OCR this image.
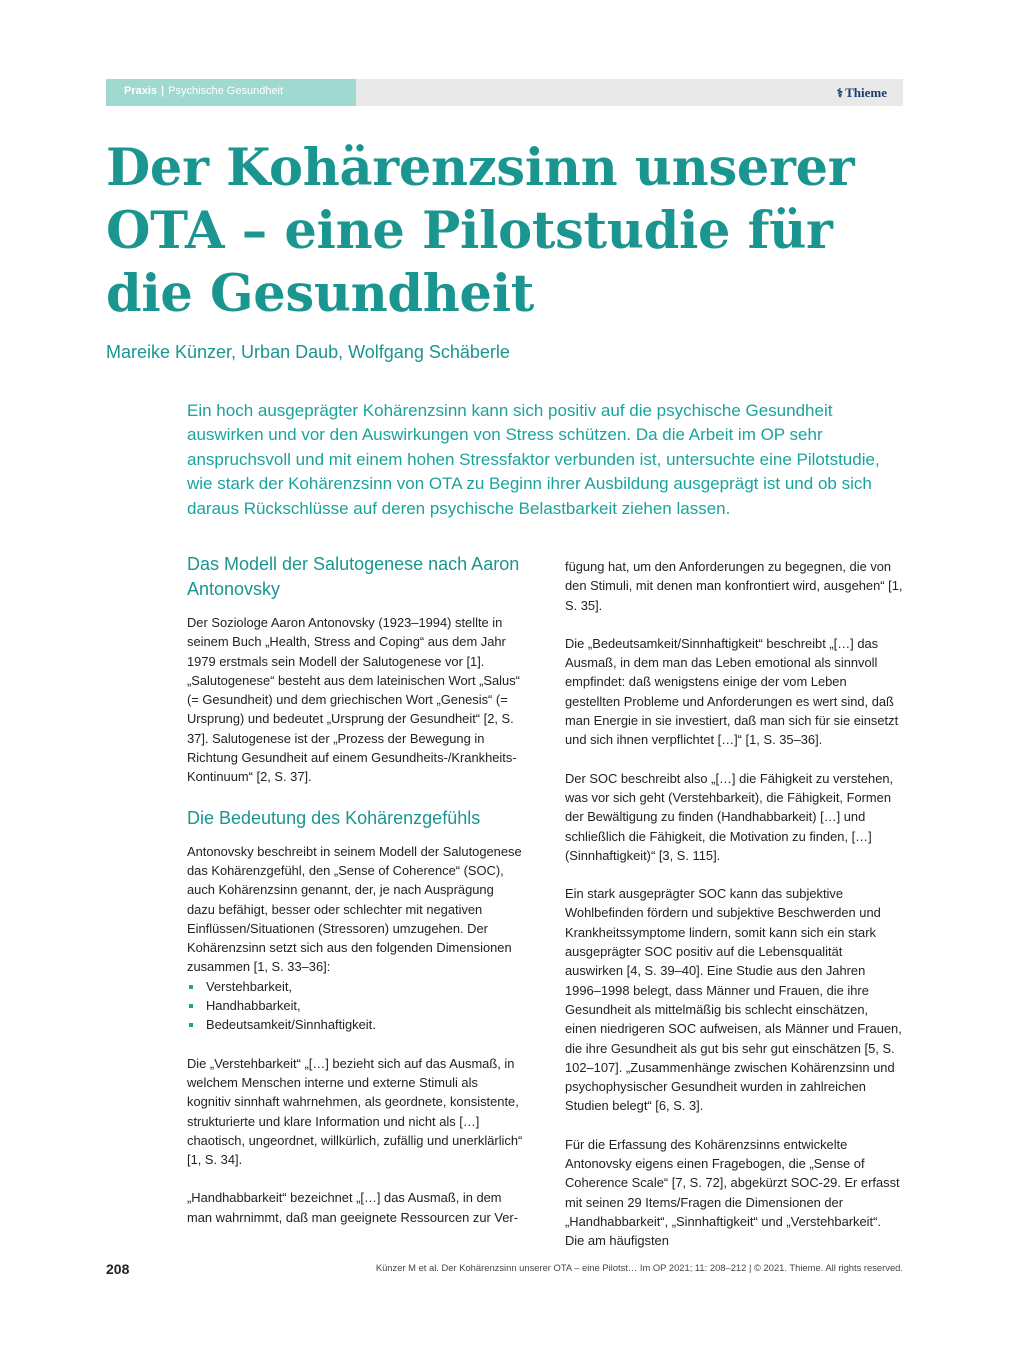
Praxis | Psychische Gesundheit	⚕ Thieme
Der Kohärenzsinn unserer OTA – eine Pilotstudie für die Gesundheit

Mareike Künzer, Urban Daub, Wolfgang Schäberle

Ein hoch ausgeprägter Kohärenzsinn kann sich positiv auf die psychische Gesundheit auswirken und vor den Auswirkungen von Stress schützen. Da die Arbeit im OP sehr anspruchsvoll und mit einem hohen Stressfaktor verbunden ist, untersuchte eine Pilotstudie, wie stark der Kohärenzsinn von OTA zu Beginn ihrer Ausbildung ausgeprägt ist und ob sich daraus Rückschlüsse auf deren psychische Belastbarkeit ziehen lassen.

Das Modell der Salutogenese nach Aaron Antonovsky

Der Soziologe Aaron Antonovsky (1923–1994) stellte in seinem Buch „Health, Stress and Coping“ aus dem Jahr 1979 erstmals sein Modell der Salutogenese vor [1]. „Salutogenese“ besteht aus dem lateinischen Wort „Salus“ (= Gesundheit) und dem griechischen Wort „Genesis“ (= Ursprung) und bedeutet „Ursprung der Gesundheit“ [2, S. 37]. Salutogenese ist der „Prozess der Bewegung in Richtung Gesundheit auf einem Gesundheits-/Krankheits-Kontinuum“ [2, S. 37].

Die Bedeutung des Kohärenzgefühls

Antonovsky beschreibt in seinem Modell der Salutogenese das Kohärenzgefühl, den „Sense of Coherence“ (SOC), auch Kohärenzsinn genannt, der, je nach Ausprägung dazu befähigt, besser oder schlechter mit negativen Einflüssen/Situationen (Stressoren) umzugehen. Der Kohärenzsinn setzt sich aus den folgenden Dimensionen zusammen [1, S. 33–36]:

Verstehbarkeit,
Handhabbarkeit,
Bedeutsamkeit/Sinnhaftigkeit.

Die „Verstehbarkeit“ „[…] bezieht sich auf das Ausmaß, in welchem Menschen interne und externe Stimuli als kognitiv sinnhaft wahrnehmen, als geordnete, konsistente, strukturierte und klare Information und nicht als […] chaotisch, ungeordnet, willkürlich, zufällig und unerklärlich“ [1, S. 34].

„Handhabbarkeit“ bezeichnet „[…] das Ausmaß, in dem man wahrnimmt, daß man geeignete Ressourcen zur Ver-

fügung hat, um den Anforderungen zu begegnen, die von den Stimuli, mit denen man konfrontiert wird, ausgehen“ [1, S. 35].

Die „Bedeutsamkeit/Sinnhaftigkeit“ beschreibt „[…] das Ausmaß, in dem man das Leben emotional als sinnvoll empfindet: daß wenigstens einige der vom Leben gestellten Probleme und Anforderungen es wert sind, daß man Energie in sie investiert, daß man sich für sie einsetzt und sich ihnen verpflichtet […]“ [1, S. 35–36].

Der SOC beschreibt also „[…] die Fähigkeit zu verstehen, was vor sich geht (Verstehbarkeit), die Fähigkeit, Formen der Bewältigung zu finden (Handhabbarkeit) […] und schließlich die Fähigkeit, die Motivation zu finden, […] (Sinnhaftigkeit)“ [3, S. 115].

Ein stark ausgeprägter SOC kann das subjektive Wohlbefinden fördern und subjektive Beschwerden und Krankheitssymptome lindern, somit kann sich ein stark ausgeprägter SOC positiv auf die Lebensqualität auswirken [4, S. 39–40]. Eine Studie aus den Jahren 1996–1998 belegt, dass Männer und Frauen, die ihre Gesundheit als mittelmäßig bis schlecht einschätzen, einen niedrigeren SOC aufweisen, als Männer und Frauen, die ihre Gesundheit als gut bis sehr gut einschätzen [5, S. 102–107]. „Zusammenhänge zwischen Kohärenzsinn und psychophysischer Gesundheit wurden in zahlreichen Studien belegt“ [6, S. 3].

Für die Erfassung des Kohärenzsinns entwickelte Antonovsky eigens einen Fragebogen, die „Sense of Coherence Scale“ [7, S. 72], abgekürzt SOC-29. Er erfasst mit seinen 29 Items/Fragen die Dimensionen der „Handhabbarkeit“, „Sinnhaftigkeit“ und „Verstehbarkeit“. Die am häufigsten

208	Künzer M et al. Der Kohärenzsinn unserer OTA – eine Pilotst… Im OP 2021; 11: 208–212 | © 2021. Thieme. All rights reserved.
